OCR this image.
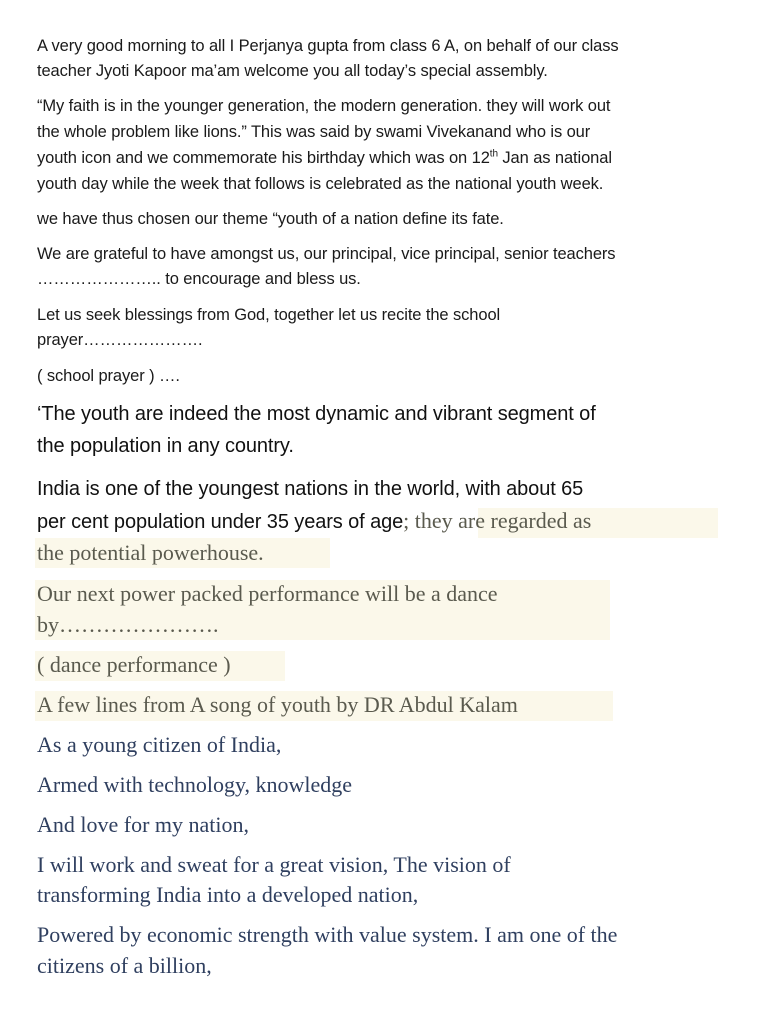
A very good morning to all I Perjanya gupta from class 6 A, on behalf of our class

teacher Jyoti Kapoor ma’am welcome you all today’s special assembly.

“My faith is in the younger generation, the modern generation. they will work out

the whole problem like lions.” This was said by swami Vivekanand who is our

youth icon and we commemorate his birthday which was on 12th Jan as national

youth day while the week that follows is celebrated as the national youth week.

we have thus chosen our theme “youth of a nation define its fate.

We are grateful to have amongst us, our principal, vice principal, senior teachers

………………….. to encourage and bless us.

Let us seek blessings from God, together let us recite the school

prayer………………….

( school prayer ) ….

‘The youth are indeed the most dynamic and vibrant segment of

the population in any country.

India is one of the youngest nations in the world, with about 65

per cent population under 35 years of age; they are regarded as

the potential powerhouse.

Our next power packed performance will be a dance

by………………….

( dance performance )

A few lines from A song of youth by DR Abdul Kalam

As a young citizen of India,

Armed with technology, knowledge

And love for my nation,

I will work and sweat for a great vision, The vision of

transforming India into a developed nation,

Powered by economic strength with value system. I am one of the

citizens of a billion,
